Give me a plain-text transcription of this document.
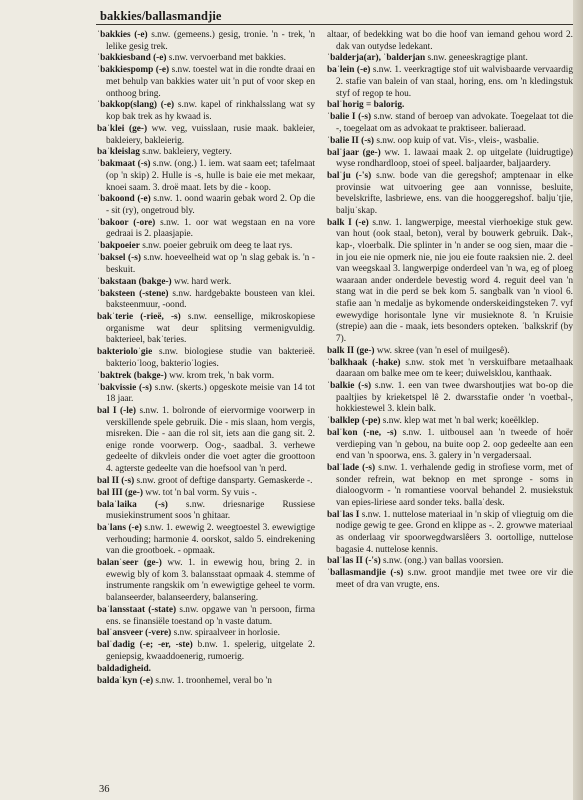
bakkies/ballasmandjie
ˈbakkies (-e) s.nw. (gemeens.) gesig, tronie. 'n - trek, 'n lelike gesig trek.
ˈbakkiesband (-e) s.nw. vervoerband met bakkies.
ˈbakkiespomp (-e) s.nw. toestel wat in die rondte draai en met behulp van bakkies water uit 'n put of voor skep en onthoog bring.
ˈbakkop(slang) (-e) s.nw. kapel of rinkhalsslang wat sy kop bak trek as hy kwaad is.
baˈklei (ge-) ww. veg, vuisslaan, rusie maak. bakleier, bakleiery, bakleierig.
baˈkleislag s.nw. bakleiery, vegtery.
ˈbakmaat (-s) s.nw. (ong.) 1. iem. wat saam eet; tafelmaat (op 'n skip) 2. Hulle is -s, hulle is baie eie met mekaar, knoei saam. 3. droë maat. Iets by die - koop.
ˈbakoond (-e) s.nw. 1. oond waarin gebak word 2. Op die - sit (ry), ongetroud bly.
ˈbakoor (-ore) s.nw. 1. oor wat wegstaan en na vore gedraai is 2. plaasjapie.
ˈbakpoeier s.nw. poeier gebruik om deeg te laat rys.
ˈbaksel (-s) s.nw. hoeveelheid wat op 'n slag gebak is. 'n - beskuit.
ˈbakstaan (bakge-) ww. hard werk.
ˈbaksteen (-stene) s.nw. hardgebakte bousteen van klei. baksteenmuur, -oond.
bakˈterie (-rieë, -s) s.nw. eensellige, mikroskopiese organisme wat deur splitsing vermenigvuldig. bakterieel, bakˈteries.
bakterioloˈgie s.nw. biologiese studie van bakterieë. bakterioˈloog, bakterioˈlogies.
ˈbaktrek (bakge-) ww. krom trek, 'n bak vorm.
ˈbakvissie (-s) s.nw. (skerts.) opgeskote meisie van 14 tot 18 jaar.
bal I (-le) s.nw. 1. bolronde of eiervormige voorwerp in verskillende spele gebruik. Die - mis slaan, hom vergis, misreken. Die - aan die rol sit, iets aan die gang sit. 2. enige ronde voorwerp. Oog-, saadbal. 3. verhewe gedeelte of dikvleis onder die voet agter die groottoon 4. agterste gedeelte van die hoefsool van 'n perd.
bal II (-s) s.nw. groot of deftige dansparty. Gemaskerde -.
bal III (ge-) ww. tot 'n bal vorm. Sy vuis -.
balaˈlaika (-s) s.nw. driesnarige Russiese musiekinstrument soos 'n ghitaar.
baˈlans (-e) s.nw. 1. ewewig 2. weegtoestel 3. ewewigtige verhouding; harmonie 4. oorskot, saldo 5. eindrekening van die grootboek. - opmaak.
balanˈseer (ge-) ww. 1. in ewewig hou, bring 2. in ewewig bly of kom 3. balansstaat opmaak 4. stemme of instrumente rangskik om 'n ewewigtige geheel te vorm. balanseerder, balanseerdery, balansering.
baˈlansstaat (-state) s.nw. opgawe van 'n persoon, firma ens. se finansiële toestand op 'n vaste datum.
balˈansveer (-vere) s.nw. spiraalveer in horlosie.
balˈdadig (-e; -er, -ste) b.nw. 1. spelerig, uitgelate 2. geniepsig, kwaaddoenerig, rumoerig.
baldadigheid.
baldaˈkyn (-e) s.nw. 1. troonhemel, veral bo 'n
altaar, of bedekking wat bo die hoof van iemand gehou word 2. dak van outydse ledekant.
ˈbalderja(ar), ˈbalderjan s.nw. geneeskragtige plant.
baˈlein (-e) s.nw. 1. veerkragtige stof uit walvisbaarde vervaardig 2. stafie van balein of van staal, horing, ens. om 'n kledingstuk styf of regop te hou.
balˈhorig = balorig.
ˈbalie I (-s) s.nw. stand of beroep van advokate. Toegelaat tot die -, toegelaat om as advokaat te praktiseer. balieraad.
ˈbalie II (-s) s.nw. oop kuip of vat. Vis-, vleis-, wasbalie.
balˈjaar (ge-) ww. 1. lawaai maak 2. op uitgelate (luidrugtige) wyse rondhardloop, stoei of speel. baljaarder, baljaardery.
balˈju (-'s) s.nw. bode van die geregshof; amptenaar in elke provinsie wat uitvoering gee aan vonnisse, besluite, bevelskrifte, lasbriewe, ens. van die hooggeregshof. baljuˈtjie, baljuˈskap.
balk I (-e) s.nw. 1. langwerpige, meestal vierhoekige stuk gew. van hout (ook staal, beton), veral by bouwerk gebruik. Dak-, kap-, vloerbalk. Die splinter in 'n ander se oog sien, maar die - in jou eie nie opmerk nie, nie jou eie foute raaksien nie. 2. deel van weegskaal 3. langwerpige onderdeel van 'n wa, eg of ploeg waaraan ander onderdele bevestig word 4. reguit deel van 'n stang wat in die perd se bek kom 5. sangbalk van 'n viool 6. stafie aan 'n medalje as bykomende onderskeidingsteken 7. vyf ewewydige horisontale lyne vir musieknote 8. 'n Kruisie (strepie) aan die - maak, iets besonders opteken. ˈbalkskrif (by 7).
balk II (ge-) ww. skree (van 'n esel of muilgesê).
ˈbalkhaak (-hake) s.nw. stok met 'n verskuifbare metaalhaak daaraan om balke mee om te keer; duiwelsklou, kanthaak.
ˈbalkie (-s) s.nw. 1. een van twee dwarshoutjies wat bo-op die paaltjies by krieketspel lê 2. dwarsstafie onder 'n voetbal-, hokkiestewel 3. klein balk.
ˈbalklep (-pe) s.nw. klep wat met 'n bal werk; koeëlklep.
balˈkon (-ne, -s) s.nw. 1. uitbousel aan 'n tweede of hoër verdieping van 'n gebou, na buite oop 2. oop gedeelte aan een end van 'n spoorwa, ens. 3. galery in 'n vergadersaal.
balˈlade (-s) s.nw. 1. verhalende gedig in strofiese vorm, met of sonder refrein, wat beknop en met spronge - soms in dialoogvorm - 'n romantiese voorval behandel 2. musiekstuk van epies-liriese aard sonder teks. ballaˈdesk.
balˈlas I s.nw. 1. nuttelose materiaal in 'n skip of vliegtuig om die nodige gewig te gee. Grond en klippe as -. 2. growwe materiaal as onderlaag vir spoorwegdwarslêers 3. oortollige, nuttelose bagasie 4. nuttelose kennis.
balˈlas II (-'s) s.nw. (ong.) van ballas voorsien.
ˈballasmandjie (-s) s.nw. groot mandjie met twee ore vir die meet of dra van vrugte, ens.
36
